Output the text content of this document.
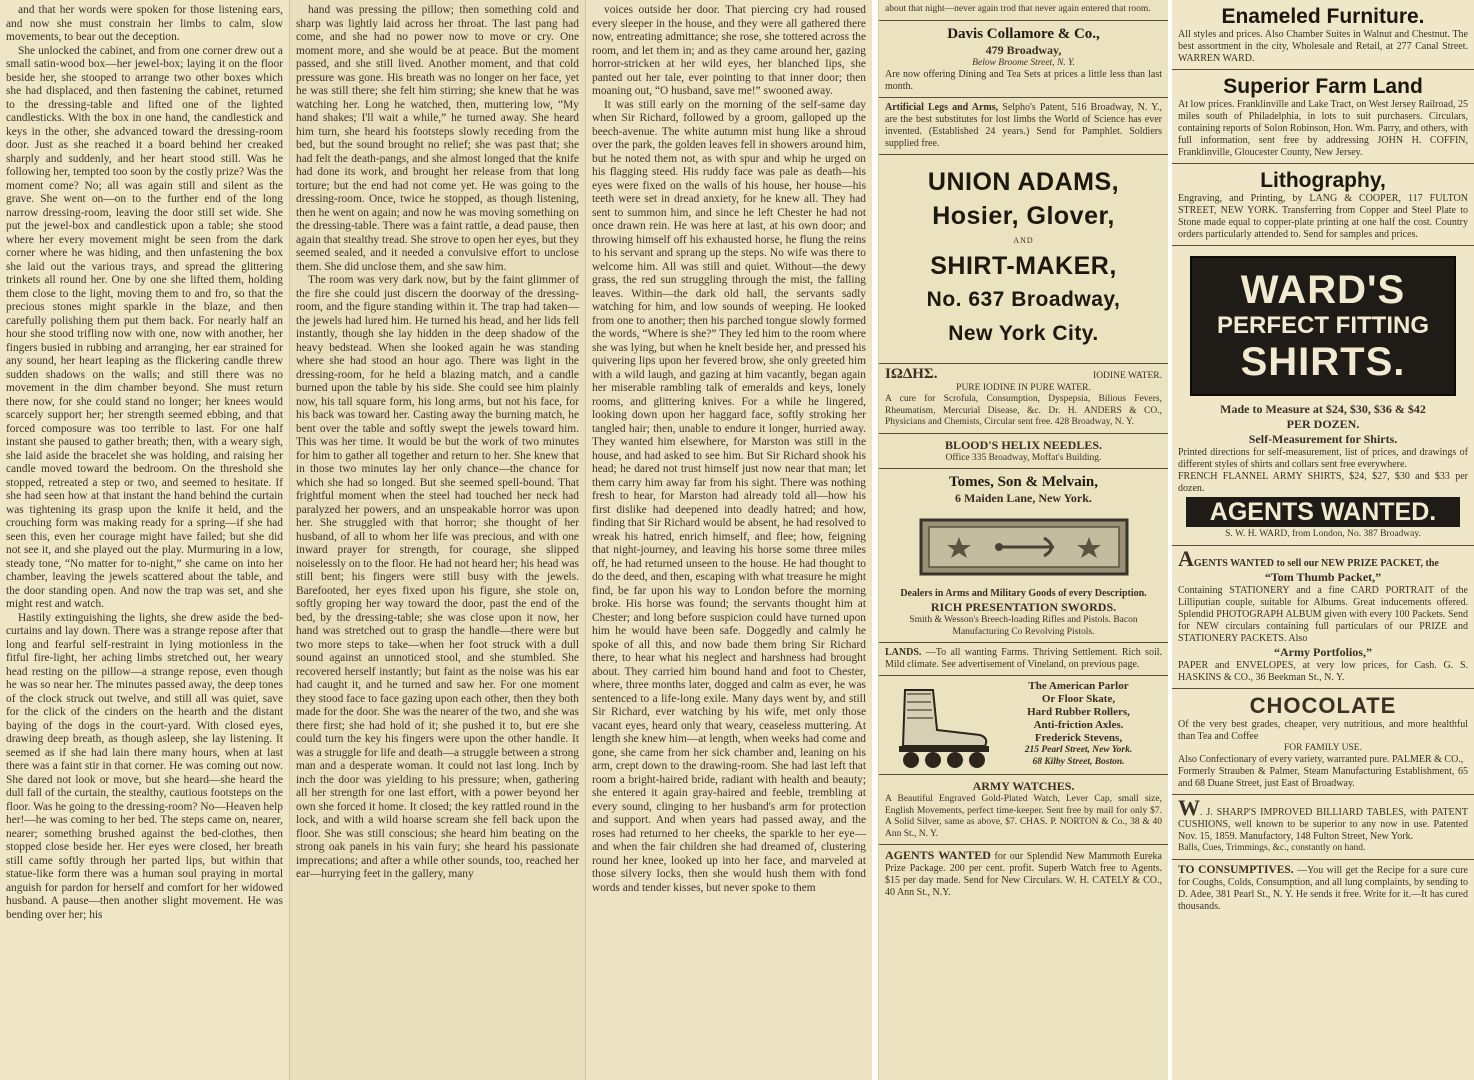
and that her words were spoken for those listening ears, and now she must constrain her limbs to calm, slow movements, to bear out the deception.

She unlocked the cabinet, and from one corner drew out a small satin-wood box—her jewel-box; laying it on the floor beside her, she stooped to arrange two other boxes which she had displaced, and then fastening the cabinet, returned to the dressing-table and lifted one of the lighted candlesticks. With the box in one hand, the candlestick and keys in the other, she advanced toward the dressing-room door. Just as she reached it a board behind her creaked sharply and suddenly, and her heart stood still. Was he following her, tempted too soon by the costly prize? Was the moment come? No; all was again still and silent as the grave. She went on—on to the further end of the long narrow dressing-room, leaving the door still set wide. She put the jewel-box and candlestick upon a table; she stood where her every movement might be seen from the dark corner where he was hiding, and then unfastening the box she laid out the various trays, and spread the glittering trinkets all round her. One by one she lifted them, holding them close to the light, moving them to and fro, so that the precious stones might sparkle in the blaze, and then carefully polishing them put them back. For nearly half an hour she stood trifling now with one, now with another, her fingers busied in rubbing and arranging, her ear strained for any sound, her heart leaping as the flickering candle threw sudden shadows on the walls; and still there was no movement in the dim chamber beyond. She must return there now, for she could stand no longer; her knees would scarcely support her; her strength seemed ebbing, and that forced composure was too terrible to last. For one half instant she paused to gather breath; then, with a weary sigh, she laid aside the bracelet she was holding, and raising her candle moved toward the bedroom. On the threshold she stopped, retreated a step or two, and seemed to hesitate. If she had seen how at that instant the hand behind the curtain was tightening its grasp upon the knife it held, and the crouching form was making ready for a spring—if she had seen this, even her courage might have failed; but she did not see it, and she played out the play. Murmuring in a low, steady tone, “No matter for to-night,” she came on into her chamber, leaving the jewels scattered about the table, and the door standing open. And now the trap was set, and she might rest and watch.

Hastily extinguishing the lights, she drew aside the bed-curtains and lay down. There was a strange repose after that long and fearful self-restraint in lying motionless in the fitful fire-light, her aching limbs stretched out, her weary head resting on the pillow—a strange repose, even though he was so near her. The minutes passed away, the deep tones of the clock struck out twelve, and still all was quiet, save for the click of the cinders on the hearth and the distant baying of the dogs in the court-yard. With closed eyes, drawing deep breath, as though asleep, she lay listening. It seemed as if she had lain there many hours, when at last there was a faint stir in that corner. He was coming out now. She dared not look or move, but she heard—she heard the dull fall of the curtain, the stealthy, cautious footsteps on the floor. Was he going to the dressing-room? No—Heaven help her!—he was coming to her bed. The steps came on, nearer, nearer; something brushed against the bed-clothes, then stopped close beside her. Her eyes were closed, her breath still came softly through her parted lips, but within that statue-like form there was a human soul praying in mortal anguish for pardon for herself and comfort for her widowed husband. A pause—then another slight movement. He was bending over her; his

hand was pressing the pillow; then something cold and sharp was lightly laid across her throat. The last pang had come, and she had no power now to move or cry. One moment more, and she would be at peace. But the moment passed, and she still lived. Another moment, and that cold pressure was gone. His breath was no longer on her face, yet he was still there; she felt him stirring; she knew that he was watching her. Long he watched, then, muttering low, “My hand shakes; I'll wait a while,” he turned away. She heard him turn, she heard his footsteps slowly receding from the bed, but the sound brought no relief; she was past that; she had felt the death-pangs, and she almost longed that the knife had done its work, and brought her release from that long torture; but the end had not come yet. He was going to the dressing-room. Once, twice he stopped, as though listening, then he went on again; and now he was moving something on the dressing-table. There was a faint rattle, a dead pause, then again that stealthy tread. She strove to open her eyes, but they seemed sealed, and it needed a convulsive effort to unclose them. She did unclose them, and she saw him.

The room was very dark now, but by the faint glimmer of the fire she could just discern the doorway of the dressing-room, and the figure standing within it. The trap had taken—the jewels had lured him. He turned his head, and her lids fell instantly, though she lay hidden in the deep shadow of the heavy bedstead. When she looked again he was standing where she had stood an hour ago. There was light in the dressing-room, for he held a blazing match, and a candle burned upon the table by his side. She could see him plainly now, his tall square form, his long arms, but not his face, for his back was toward her. Casting away the burning match, he bent over the table and softly swept the jewels toward him. This was her time. It would be but the work of two minutes for him to gather all together and return to her. She knew that in those two minutes lay her only chance—the chance for which she had so longed. But she seemed spell-bound. That frightful moment when the steel had touched her neck had paralyzed her powers, and an unspeakable horror was upon her. She struggled with that horror; she thought of her husband, of all to whom her life was precious, and with one inward prayer for strength, for courage, she slipped noiselessly on to the floor. He had not heard her; his head was still bent; his fingers were still busy with the jewels. Barefooted, her eyes fixed upon his figure, she stole on, softly groping her way toward the door, past the end of the bed, by the dressing-table; she was close upon it now, her hand was stretched out to grasp the handle—there were but two more steps to take—when her foot struck with a dull sound against an unnoticed stool, and she stumbled. She recovered herself instantly; but faint as the noise was his ear had caught it, and he turned and saw her. For one moment they stood face to face gazing upon each other, then they both made for the door. She was the nearer of the two, and she was there first; she had hold of it; she pushed it to, but ere she could turn the key his fingers were upon the other handle. It was a struggle for life and death—a struggle between a strong man and a desperate woman. It could not last long. Inch by inch the door was yielding to his pressure; when, gathering all her strength for one last effort, with a power beyond her own she forced it home. It closed; the key rattled round in the lock, and with a wild hoarse scream she fell back upon the floor. She was still conscious; she heard him beating on the strong oak panels in his vain fury; she heard his passionate imprecations; and after a while other sounds, too, reached her ear—hurrying feet in the gallery, many

voices outside her door. That piercing cry had roused every sleeper in the house, and they were all gathered there now, entreating admittance; she rose, she tottered across the room, and let them in; and as they came around her, gazing horror-stricken at her wild eyes, her blanched lips, she panted out her tale, ever pointing to that inner door; then moaning out, “O husband, save me!” swooned away.

It was still early on the morning of the self-same day when Sir Richard, followed by a groom, galloped up the beech-avenue. The white autumn mist hung like a shroud over the park, the golden leaves fell in showers around him, but he noted them not, as with spur and whip he urged on his flagging steed. His ruddy face was pale as death—his eyes were fixed on the walls of his house, her house—his teeth were set in dread anxiety, for he knew all. They had sent to summon him, and since he left Chester he had not once drawn rein. He was here at last, at his own door; and throwing himself off his exhausted horse, he flung the reins to his servant and sprang up the steps. No wife was there to welcome him. All was still and quiet. Without—the dewy grass, the red sun struggling through the mist, the falling leaves. Within—the dark old hall, the servants sadly watching for him, and low sounds of weeping. He looked from one to another; then his parched tongue slowly formed the words, “Where is she?” They led him to the room where she was lying, but when he knelt beside her, and pressed his quivering lips upon her fevered brow, she only greeted him with a wild laugh, and gazing at him vacantly, began again her miserable rambling talk of emeralds and keys, lonely rooms, and glittering knives. For a while he lingered, looking down upon her haggard face, softly stroking her tangled hair; then, unable to endure it longer, hurried away. They wanted him elsewhere, for Marston was still in the house, and had asked to see him. But Sir Richard shook his head; he dared not trust himself just now near that man; let them carry him away far from his sight. There was nothing fresh to hear, for Marston had already told all—how his first dislike had deepened into deadly hatred; and how, finding that Sir Richard would be absent, he had resolved to wreak his hatred, enrich himself, and flee; how, feigning that night-journey, and leaving his horse some three miles off, he had returned unseen to the house. He had thought to do the deed, and then, escaping with what treasure he might find, be far upon his way to London before the morning broke. His horse was found; the servants thought him at Chester; and long before suspicion could have turned upon him he would have been safe. Doggedly and calmly he spoke of all this, and now bade them bring Sir Richard there, to hear what his neglect and harshness had brought about. They carried him bound hand and foot to Chester, where, three months later, dogged and calm as ever, he was sentenced to a life-long exile. Many days went by, and still Sir Richard, ever watching by his wife, met only those vacant eyes, heard only that weary, ceaseless muttering. At length she knew him—at length, when weeks had come and gone, she came from her sick chamber and, leaning on his arm, crept down to the drawing-room. She had last left that room a bright-haired bride, radiant with health and beauty; she entered it again gray-haired and feeble, trembling at every sound, clinging to her husband's arm for protection and support. And when years had passed away, and the roses had returned to her cheeks, the sparkle to her eye—and when the fair children she had dreamed of, clustering round her knee, looked up into her face, and marveled at those silvery locks, then she would hush them with fond words and tender kisses, but never spoke to them

about that night—never again trod that never again entered that room.
Davis Collamore & Co.,
479 Broadway,
Below Broome Street, N. Y.
Are now offering Dining and Tea Sets at prices a little less than last month.
Artificial Legs and Arms, Selpho's Patent, 516 Broadway, N. Y., are the best substitutes for lost limbs the World of Science has ever invented. (Established 24 years.) Send for Pamphlet. Soldiers supplied free.
UNION ADAMS,
Hosier, Glover,
AND
SHIRT-MAKER,
No. 637 Broadway,
New York City.
ΙΩΔΗΣ.	IODINE WATER.
PURE IODINE IN PURE WATER.
A cure for Scrofula, Consumption, Dyspepsia, Bilious Fevers, Rheumatism, Mercurial Disease, &c. Dr. H. ANDERS & CO., Physicians and Chemists, Circular sent free. 428 Broadway, N. Y.
BLOOD'S HELIX NEEDLES.
Office 335 Broadway, Moffat's Building.
Tomes, Son & Melvain,
6 Maiden Lane, New York.
Dealers in Arms and Military Goods of every Description.
RICH PRESENTATION SWORDS.
Smith & Wesson's Breech-loading Rifles and Pistols. Bacon Manufacturing Co Revolving Pistols.
LANDS. —To all wanting Farms. Thriving Settlement. Rich soil. Mild climate. See advertisement of Vineland, on previous page.
The American Parlor
Or Floor Skate,
Hard Rubber Rollers,
Anti-friction Axles.
Frederick Stevens,
215 Pearl Street, New York.
68 Kilby Street, Boston.
ARMY WATCHES.
A Beautiful Engraved Gold-Plated Watch, Lever Cap, small size, English Movements, perfect time-keeper. Sent free by mail for only $7. A Solid Silver, same as above, $7. CHAS. P. NORTON & Co., 38 & 40 Ann St., N. Y.
AGENTS WANTED for our Splendid New Mammoth Eureka Prize Package. 200 per cent. profit. Superb Watch free to Agents. $15 per day made. Send for New Circulars. W. H. CATELY & CO., 40 Ann St., N.Y.
Enameled Furniture.
All styles and prices. Also Chamber Suites in Walnut and Chestnut. The best assortment in the city, Wholesale and Retail, at 277 Canal Street. WARREN WARD.
Superior Farm Land
At low prices. Franklinville and Lake Tract, on West Jersey Railroad, 25 miles south of Philadelphia, in lots to suit purchasers. Circulars, containing reports of Solon Robinson, Hon. Wm. Parry, and others, with full information, sent free by addressing JOHN H. COFFIN, Franklinville, Gloucester County, New Jersey.
Lithography,
Engraving, and Printing, by LANG & COOPER, 117 FULTON STREET, NEW YORK. Transferring from Copper and Steel Plate to Stone made equal to copper-plate printing at one half the cost. Country orders particularly attended to. Send for samples and prices.
WARD'S
PERFECT FITTING
SHIRTS.
Made to Measure at $24, $30, $36 & $42
PER DOZEN.
Self-Measurement for Shirts.
Printed directions for self-measurement, list of prices, and drawings of different styles of shirts and collars sent free everywhere.
FRENCH FLANNEL ARMY SHIRTS, $24, $27, $30 and $33 per dozen.
AGENTS WANTED.
S. W. H. WARD, from London, No. 387 Broadway.
AGENTS WANTED to sell our NEW PRIZE PACKET, the
“Tom Thumb Packet,”
Containing STATIONERY and a fine CARD PORTRAIT of the Lilliputian couple, suitable for Albums. Great inducements offered. Splendid PHOTOGRAPH ALBUM given with every 100 Packets. Send for NEW circulars containing full particulars of our PRIZE and STATIONERY PACKETS. Also
“Army Portfolios,”
PAPER and ENVELOPES, at very low prices, for Cash. G. S. HASKINS & CO., 36 Beekman St., N. Y.
CHOCOLATE
Of the very best grades, cheaper, very nutritious, and more healthful than Tea and Coffee
FOR FAMILY USE.
Also Confectionary of every variety, warranted pure. PALMER & CO.,
Formerly Strauben & Palmer, Steam Manufacturing Establishment, 65 and 68 Duane Street, just East of Broadway.
W. J. SHARP'S IMPROVED BILLIARD TABLES, with PATENT CUSHIONS, well known to be superior to any now in use. Patented Nov. 15, 1859. Manufactory, 148 Fulton Street, New York.
Balls, Cues, Trimmings, &c., constantly on hand.
TO CONSUMPTIVES. —You will get the Recipe for a sure cure for Coughs, Colds, Consumption, and all lung complaints, by sending to D. Adee, 381 Pearl St., N. Y. He sends it free. Write for it.—It has cured thousands.
